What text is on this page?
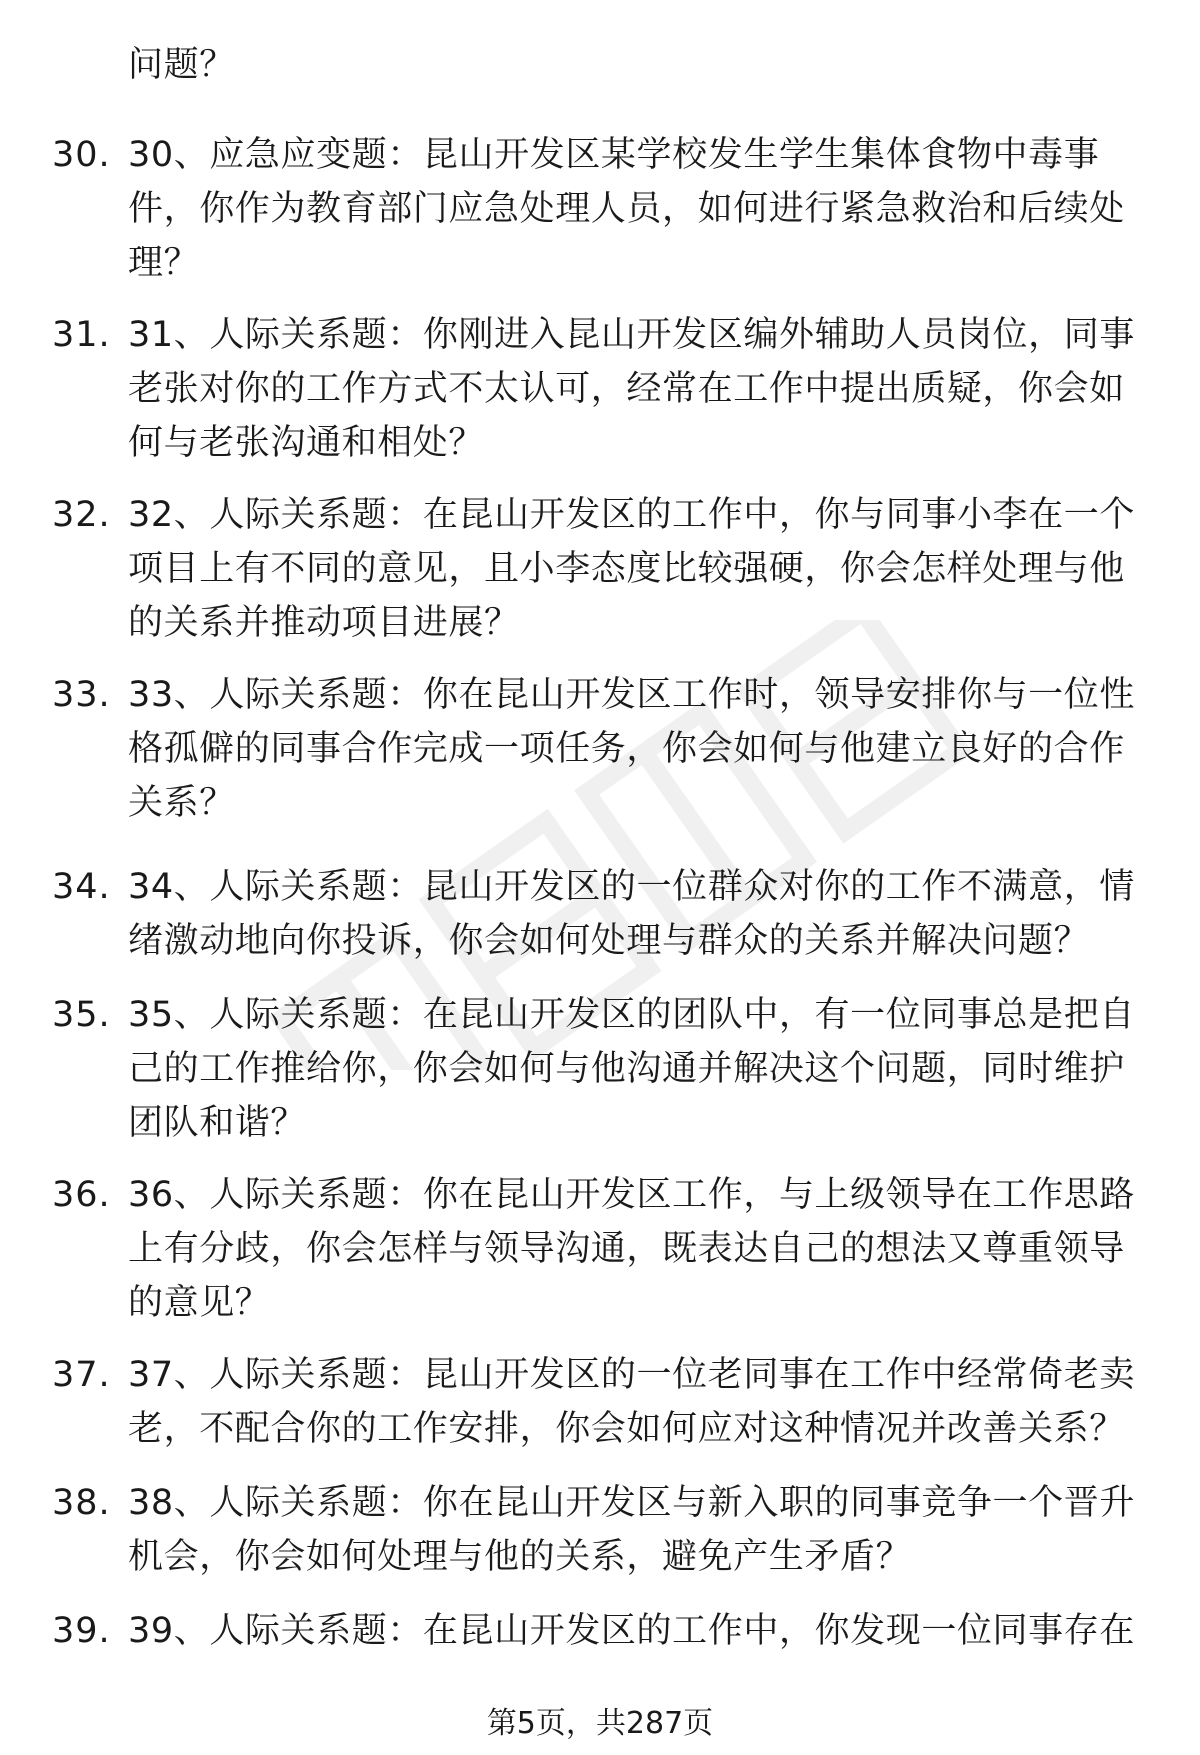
问题？
30. 30、应急应变题：昆山开发区某学校发生学生集体食物中毒事件，你作为教育部门应急处理人员，如何进行紧急救治和后续处理？
31. 31、人际关系题：你刚进入昆山开发区编外辅助人员岗位，同事老张对你的工作方式不太认可，经常在工作中提出质疑，你会如何与老张沟通和相处？
32. 32、人际关系题：在昆山开发区的工作中，你与同事小李在一个项目上有不同的意见，且小李态度比较强硬，你会怎样处理与他的关系并推动项目进展？
33. 33、人际关系题：你在昆山开发区工作时，领导安排你与一位性格孤僻的同事合作完成一项任务，你会如何与他建立良好的合作关系？
34. 34、人际关系题：昆山开发区的一位群众对你的工作不满意，情绪激动地向你投诉，你会如何处理与群众的关系并解决问题？
35. 35、人际关系题：在昆山开发区的团队中，有一位同事总是把自己的工作推给你，你会如何与他沟通并解决这个问题，同时维护团队和谐？
36. 36、人际关系题：你在昆山开发区工作，与上级领导在工作思路上有分歧，你会怎样与领导沟通，既表达自己的想法又尊重领导的意见？
37. 37、人际关系题：昆山开发区的一位老同事在工作中经常倚老卖老，不配合你的工作安排，你会如何应对这种情况并改善关系？
38. 38、人际关系题：你在昆山开发区与新入职的同事竞争一个晋升机会，你会如何处理与他的关系，避免产生矛盾？
39. 39、人际关系题：在昆山开发区的工作中，你发现一位同事存在
第5页，共287页
